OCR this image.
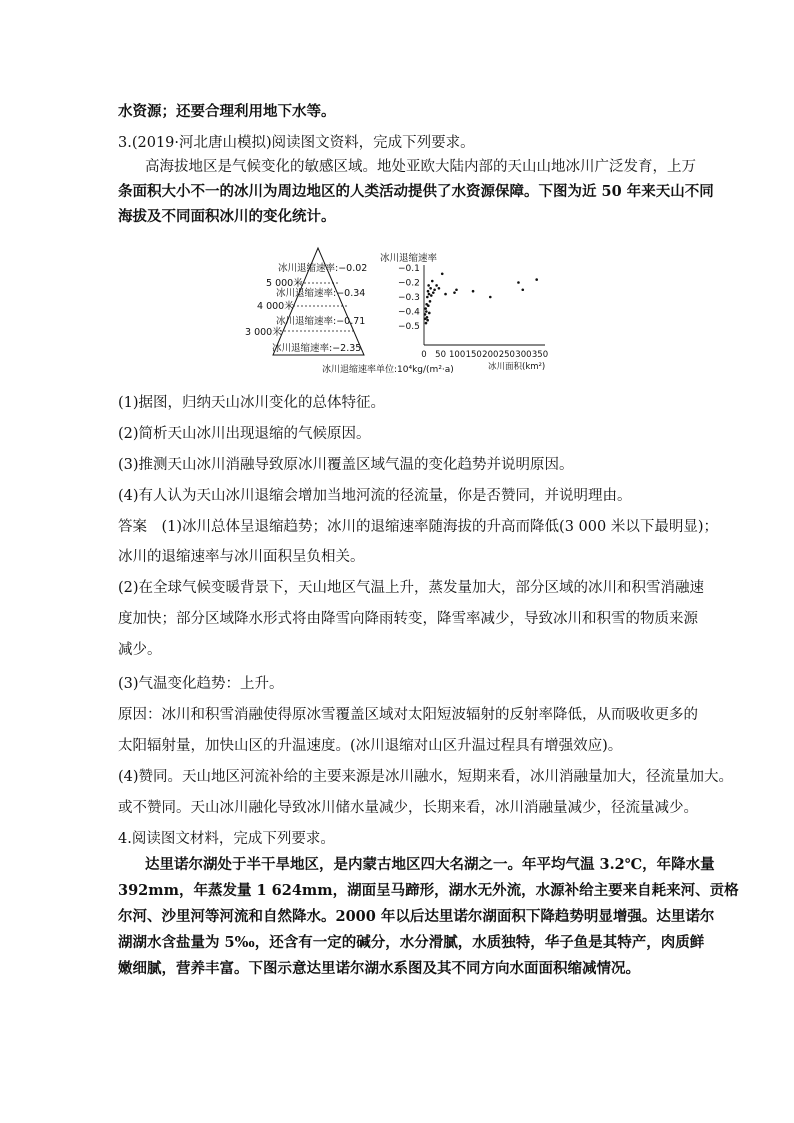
水资源；还要合理利用地下水等。
3.(2019·河北唐山模拟)阅读图文资料，完成下列要求。
高海拔地区是气候变化的敏感区域。地处亚欧大陆内部的天山山地冰川广泛发育，上万
条面积大小不一的冰川为周边地区的人类活动提供了水资源保障。下图为近 50 年来天山不同
海拔及不同面积冰川的变化统计。
冰川退缩速率:−0.02
5 000米
冰川退缩速率:−0.34
4 000米
冰川退缩速率:−0.71
3 000米
冰川退缩速率:−2.35
冰川退缩速率
−0.1
−0.2
−0.3
−0.4
−0.5
0 50 100 150 200 250 300 350
冰川面积(km²)
冰川退缩速率单位:10⁴kg/(m²·a)
(1)据图，归纳天山冰川变化的总体特征。
(2)简析天山冰川出现退缩的气候原因。
(3)推测天山冰川消融导致原冰川覆盖区域气温的变化趋势并说明原因。
(4)有人认为天山冰川退缩会增加当地河流的径流量，你是否赞同，并说明理由。
答案　(1)冰川总体呈退缩趋势；冰川的退缩速率随海拔的升高而降低(3 000 米以下最明显)；
冰川的退缩速率与冰川面积呈负相关。
(2)在全球气候变暖背景下，天山地区气温上升，蒸发量加大，部分区域的冰川和积雪消融速
度加快；部分区域降水形式将由降雪向降雨转变，降雪率减少，导致冰川和积雪的物质来源
减少。
(3)气温变化趋势：上升。
原因：冰川和积雪消融使得原冰雪覆盖区域对太阳短波辐射的反射率降低，从而吸收更多的
太阳辐射量，加快山区的升温速度。(冰川退缩对山区升温过程具有增强效应)。
(4)赞同。天山地区河流补给的主要来源是冰川融水，短期来看，冰川消融量加大，径流量加大。
或不赞同。天山冰川融化导致冰川储水量减少，长期来看，冰川消融量减少，径流量减少。
4.阅读图文材料，完成下列要求。
达里诺尔湖处于半干旱地区，是内蒙古地区四大名湖之一。年平均气温 3.2℃，年降水量
392mm，年蒸发量 1 624mm，湖面呈马蹄形，湖水无外流，水源补给主要来自耗来河、贡格
尔河、沙里河等河流和自然降水。2000 年以后达里诺尔湖面积下降趋势明显增强。达里诺尔
湖湖水含盐量为 5‰，还含有一定的碱分，水分滑腻，水质独特，华子鱼是其特产，肉质鲜
嫩细腻，营养丰富。下图示意达里诺尔湖水系图及其不同方向水面面积缩减情况。
